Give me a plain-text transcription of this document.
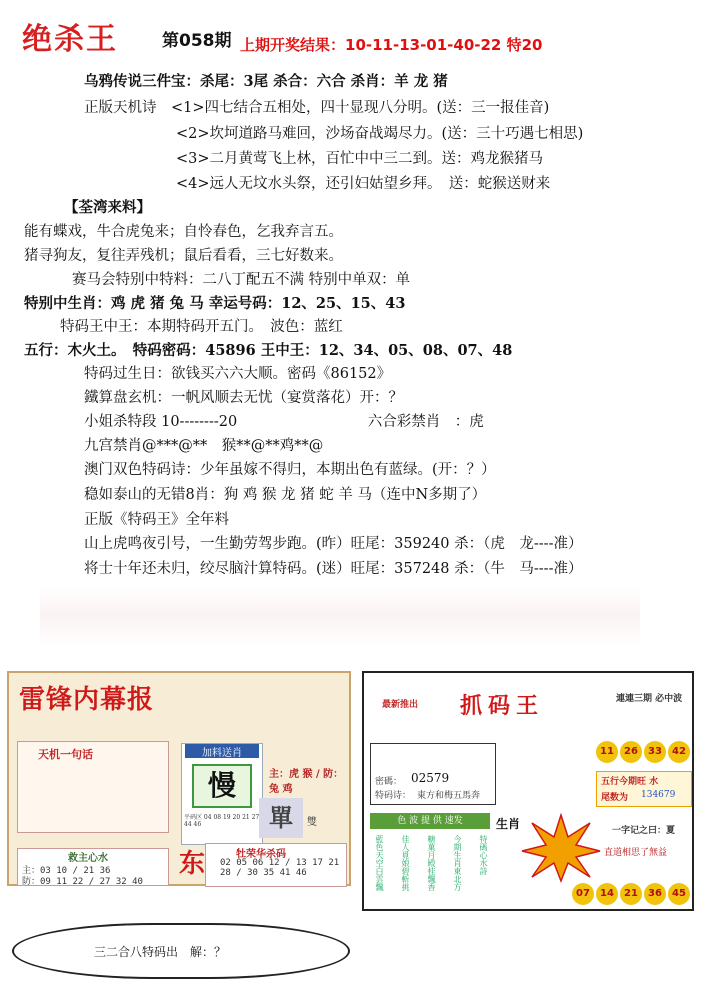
绝杀王	第058期 上期开奖结果：10-11-13-01-40-22 特20
乌鸦传说三件宝：杀尾：3尾 杀合：六合 杀肖：羊 龙 猪
正版天机诗　<1>四七结合五相处，四十显现八分明。(送：三一报佳音)
<2>坎坷道路马难回，沙场奋战竭尽力。(送：三十巧遇七相思)
<3>二月黄莺飞上林，百忙中中三二到。送：鸡龙猴猪马
<4>远人无坟水头祭，还引妇姑望乡拜。　送：蛇猴送财来
【荃湾来料】
能有蝶戏，牛合虎兔来；自怜春色，乞我弃言五。
猪寻狗友，复往弄残机；鼠后看看，三七好数来。
赛马会特别中特料：二八丁配五不满 特别中单双：单
特别中生肖：鸡 虎 猪 兔 马 幸运号码：12、25、15、43
特码王中王：本期特码开五门。　波色：蓝红
五行：木火土。　特码密码：45896 王中王：12、34、05、08、07、48
特码过生日：欲钱买六六大顺。密码《86152》
鐵算盘玄机：一帆风顺去无忧（宴赏落花）开：？
小姐杀特段 10--------20　　　　　　　　　六合彩禁肖　：虎
九宫禁肖@***@**　猴**@**鸡**@
澳门双色特码诗：少年虽嫁不得归，本期出色有蓝绿。(开：？）
稳如泰山的无错8肖：狗 鸡 猴 龙 猪 蛇 羊 马（连中N多期了）
正版《特码王》全年料
山上虎鸣夜引号，一生勤劳驾步跑。(昨）旺尾：359240 杀：（虎　龙----准）
将士十年还未归，绞尽脑汁算特码。(迷）旺尾：357248 杀：（牛　马----准）
雷锋内幕报
天机一句话
救主心水
主：03 10 / 21 36
防：09 11 22 / 27 32 40
加料送肖
慢
平码区 04 08 19 20 21 27 44 46
主：虎 猴 / 防：兔 鸡
單	雙
牡荣华杀码
02 05 06 12 / 13 17 21 28 / 30 35 41 46
东
最新推出 抓码王	連連三期 必中波
密碼： 02579
特码诗： 東方和梅五馬奔
11	26	33	42
五行今期旺 水
尾数为 134679
色 波 提 供 速发
藍色天空白雲飄 佳人覓娘碧斬挑 糖菓月殿桂飄香 今期生肖東北方 特碼心水詩
生肖	一字记之曰：夏
直道相思了無益
07	14	21	36	45
三二合八特码出　解：？
